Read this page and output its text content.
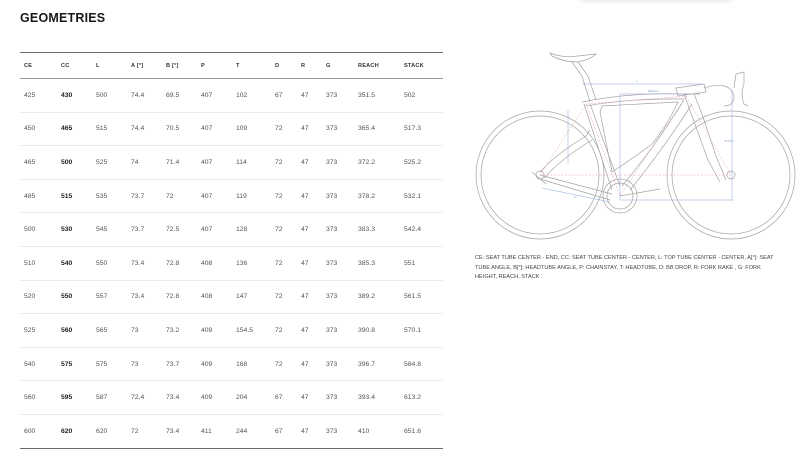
GEOMETRIES
CE	CC	L	A [°]	B [°]	P	T	D	R	G	REACH	STACK
425	430	500	74.4	69.5	407	102	67	47	373	351.5	502
450	465	515	74.4	70.5	407	109	72	47	373	365.4	517.3
465	500	525	74	71.4	407	114	72	47	373	372.2	525.2
485	515	535	73.7	72	407	119	72	47	373	378.2	532.1
500	530	545	73.7	72.5	407	128	72	47	373	383.3	542.4
510	540	550	73.4	72.8	408	136	72	47	373	385.3	551
520	550	557	73.4	72.8	408	147	72	47	373	389.2	561.5
525	560	565	73	73.2	409	154.5	72	47	373	390.8	570.1
540	575	575	73	73.7	409	168	72	47	373	396.7	584.8
560	595	587	72.4	73.4	409	204	67	47	373	393.4	613.2
600	620	620	72	73.4	411	244	67	47	373	410	651.6
L
REACH
STACK
P

CE: SEAT TUBE CENTER - END, CC: SEAT TUBE CENTER - CENTER, L: TOP TUBE CENTER - CENTER, A[°]: SEAT TUBE ANGLE, B[°]: HEADTUBE ANGLE, P: CHAINSTAY, T: HEADTUBE, D: BB DROP, R: FORK RAKE , G: FORK HEIGHT, REACH, STACK
